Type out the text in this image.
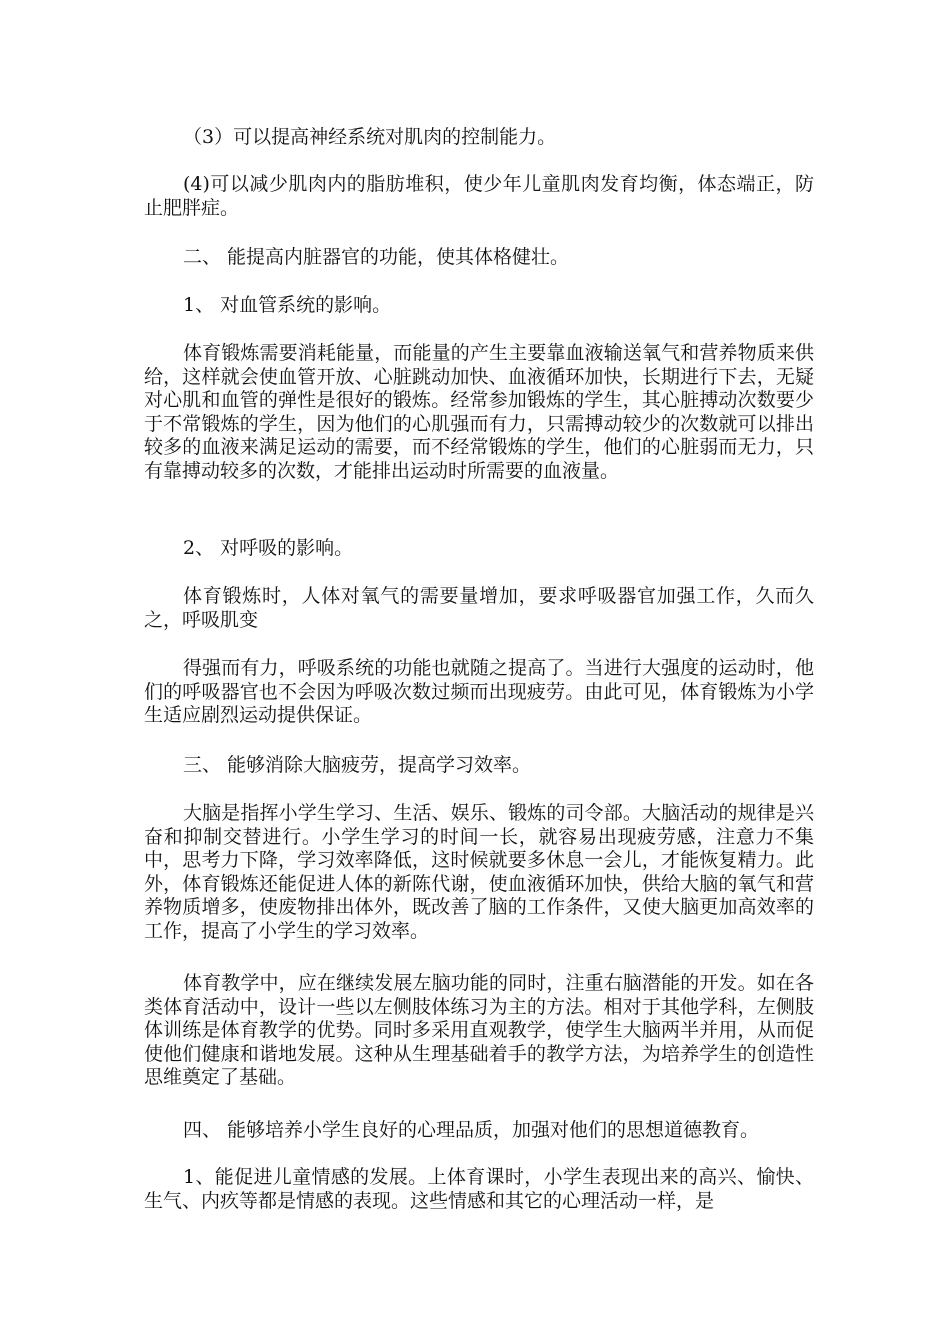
（3）可以提高神经系统对肌肉的控制能力。

(4)可以减少肌肉内的脂肪堆积，使少年儿童肌肉发育均衡，体态端正，防止肥胖症。

二、 能提高内脏器官的功能，使其体格健壮。

1、 对血管系统的影响。

体育锻炼需要消耗能量，而能量的产生主要靠血液输送氧气和营养物质来供给，这样就会使血管开放、心脏跳动加快、血液循环加快，长期进行下去，无疑对心肌和血管的弹性是很好的锻炼。经常参加锻炼的学生，其心脏搏动次数要少于不常锻炼的学生，因为他们的心肌强而有力，只需搏动较少的次数就可以排出较多的血液来满足运动的需要，而不经常锻炼的学生，他们的心脏弱而无力，只有靠搏动较多的次数，才能排出运动时所需要的血液量。

2、 对呼吸的影响。

体育锻炼时，人体对氧气的需要量增加，要求呼吸器官加强工作，久而久之，呼吸肌变

得强而有力，呼吸系统的功能也就随之提高了。当进行大强度的运动时，他们的呼吸器官也不会因为呼吸次数过频而出现疲劳。由此可见，体育锻炼为小学生适应剧烈运动提供保证。

三、 能够消除大脑疲劳，提高学习效率。

大脑是指挥小学生学习、生活、娱乐、锻炼的司令部。大脑活动的规律是兴奋和抑制交替进行。小学生学习的时间一长，就容易出现疲劳感，注意力不集中，思考力下降，学习效率降低，这时候就要多休息一会儿，才能恢复精力。此外，体育锻炼还能促进人体的新陈代谢，使血液循环加快，供给大脑的氧气和营养物质增多，使废物排出体外，既改善了脑的工作条件，又使大脑更加高效率的工作，提高了小学生的学习效率。

体育教学中，应在继续发展左脑功能的同时，注重右脑潜能的开发。如在各类体育活动中，设计一些以左侧肢体练习为主的方法。相对于其他学科，左侧肢体训练是体育教学的优势。同时多采用直观教学，使学生大脑两半并用，从而促使他们健康和谐地发展。这种从生理基础着手的教学方法，为培养学生的创造性思维奠定了基础。

四、 能够培养小学生良好的心理品质，加强对他们的思想道德教育。

1、能促进儿童情感的发展。上体育课时，小学生表现出来的高兴、愉快、生气、内疚等都是情感的表现。这些情感和其它的心理活动一样，是
